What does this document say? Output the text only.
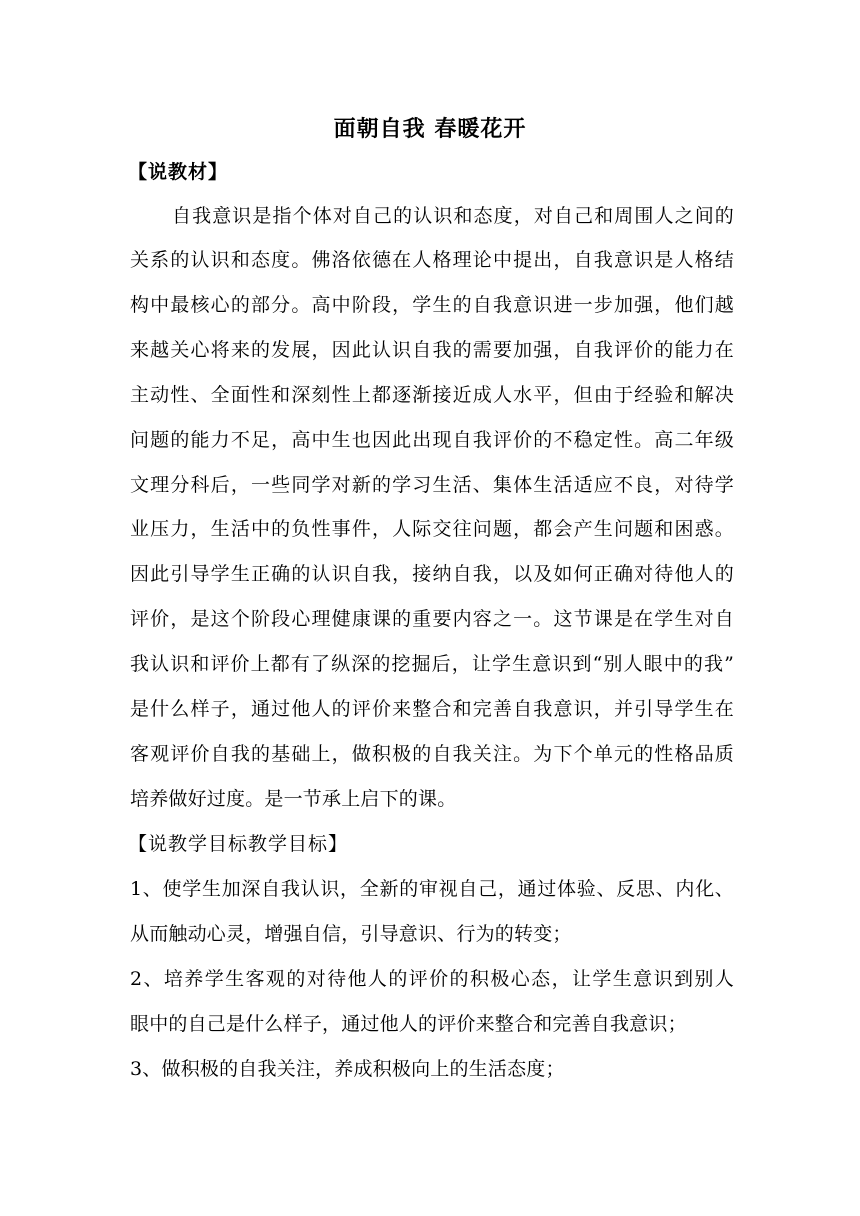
面朝自我 春暖花开
【说教材】
自我意识是指个体对自己的认识和态度，对自己和周围人之间的
关系的认识和态度。佛洛依德在人格理论中提出，自我意识是人格结
构中最核心的部分。高中阶段，学生的自我意识进一步加强，他们越
来越关心将来的发展，因此认识自我的需要加强，自我评价的能力在
主动性、全面性和深刻性上都逐渐接近成人水平，但由于经验和解决
问题的能力不足，高中生也因此出现自我评价的不稳定性。高二年级
文理分科后，一些同学对新的学习生活、集体生活适应不良，对待学
业压力，生活中的负性事件，人际交往问题，都会产生问题和困惑。
因此引导学生正确的认识自我，接纳自我，以及如何正确对待他人的
评价，是这个阶段心理健康课的重要内容之一。这节课是在学生对自
我认识和评价上都有了纵深的挖掘后，让学生意识到“别人眼中的我”
是什么样子，通过他人的评价来整合和完善自我意识，并引导学生在
客观评价自我的基础上，做积极的自我关注。为下个单元的性格品质
培养做好过度。是一节承上启下的课。
【说教学目标教学目标】
1、使学生加深自我认识，全新的审视自己，通过体验、反思、内化、
从而触动心灵，增强自信，引导意识、行为的转变；
2、培养学生客观的对待他人的评价的积极心态，让学生意识到别人
眼中的自己是什么样子，通过他人的评价来整合和完善自我意识；
3、做积极的自我关注，养成积极向上的生活态度；
